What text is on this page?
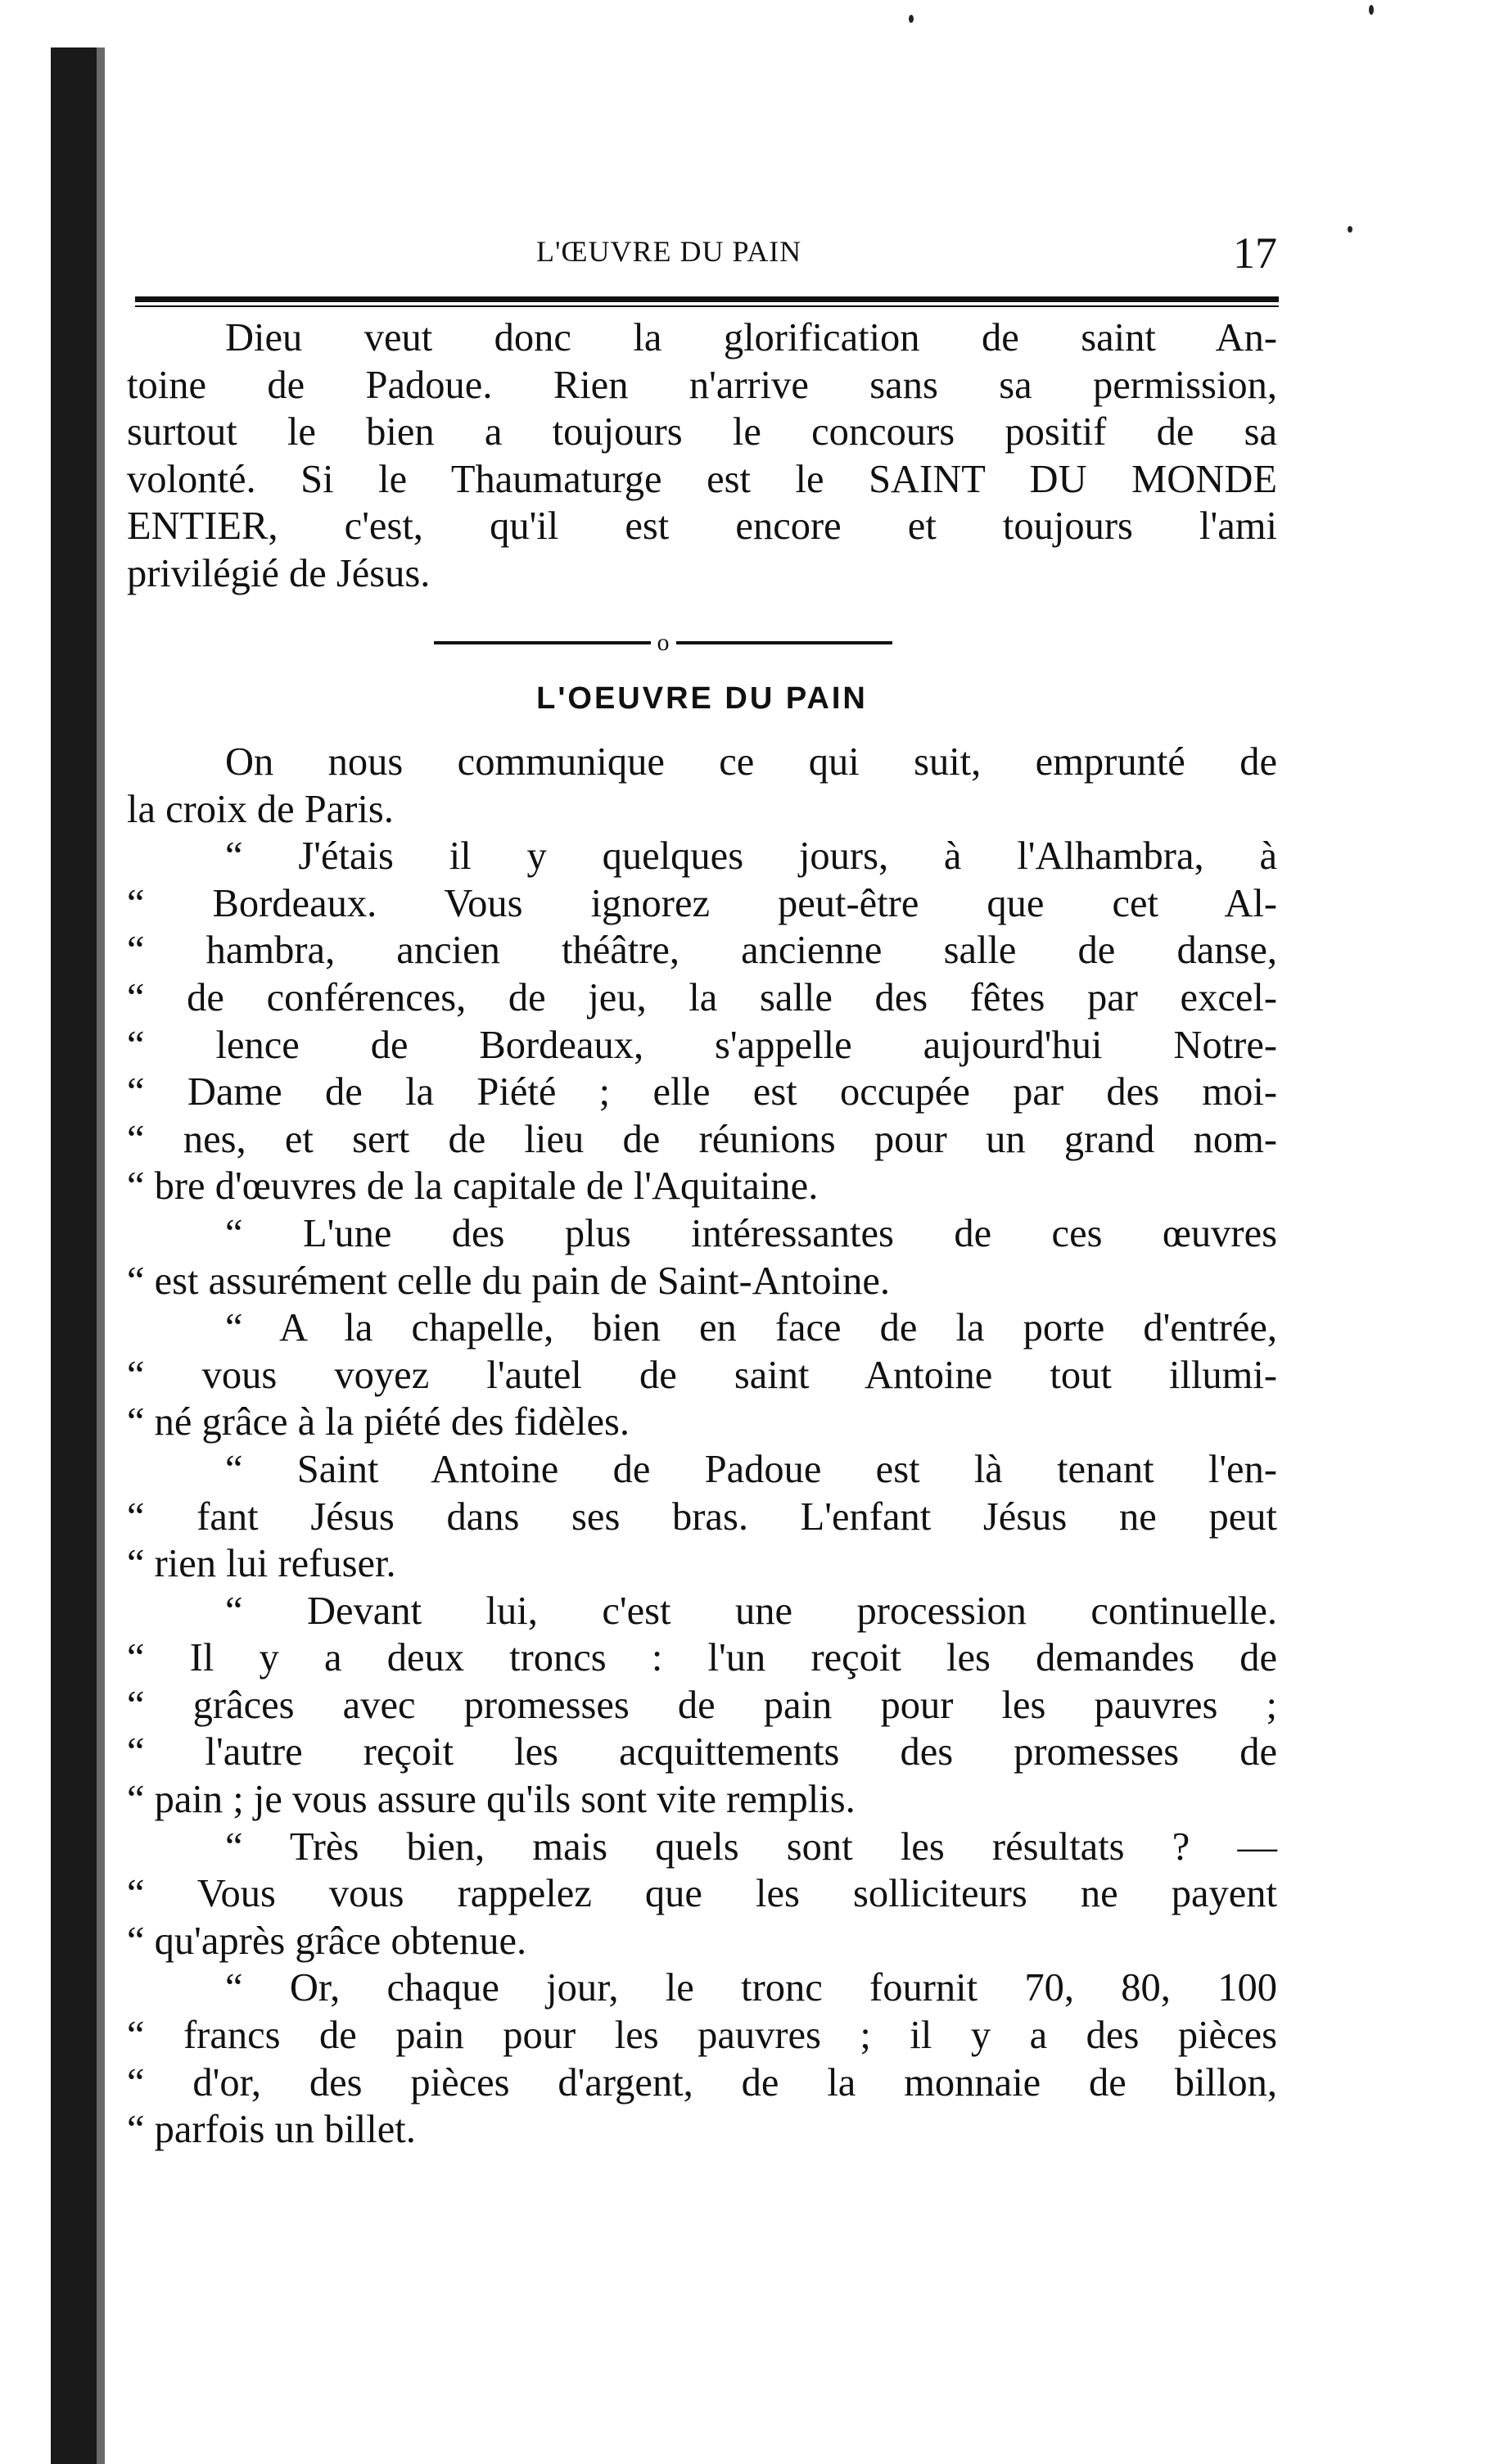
L'ŒUVRE DU PAIN	17
Dieu veut donc la glorification de saint An-
toine de Padoue. Rien n'arrive sans sa permission,
surtout le bien a toujours le concours positif de sa
volonté. Si le Thaumaturge est le SAINT DU MONDE
ENTIER, c'est, qu'il est encore et toujours l'ami
privilégié de Jésus.
o
L'OEUVRE DU PAIN
On nous communique ce qui suit, emprunté de
la croix de Paris.
“ J'étais il y quelques jours, à l'Alhambra, à
“ Bordeaux. Vous ignorez peut-être que cet Al-
“ hambra, ancien théâtre, ancienne salle de danse,
“ de conférences, de jeu, la salle des fêtes par excel-
“ lence de Bordeaux, s'appelle aujourd'hui Notre-
“ Dame de la Piété ; elle est occupée par des moi-
“ nes, et sert de lieu de réunions pour un grand nom-
“ bre d'œuvres de la capitale de l'Aquitaine.
“ L'une des plus intéressantes de ces œuvres
“ est assurément celle du pain de Saint-Antoine.
“ A la chapelle, bien en face de la porte d'entrée,
“ vous voyez l'autel de saint Antoine tout illumi-
“ né grâce à la piété des fidèles.
“ Saint Antoine de Padoue est là tenant l'en-
“ fant Jésus dans ses bras. L'enfant Jésus ne peut
“ rien lui refuser.
“ Devant lui, c'est une procession continuelle.
“ Il y a deux troncs : l'un reçoit les demandes de
“ grâces avec promesses de pain pour les pauvres ;
“ l'autre reçoit les acquittements des promesses de
“ pain ; je vous assure qu'ils sont vite remplis.
“ Très bien, mais quels sont les résultats ? —
“ Vous vous rappelez que les solliciteurs ne payent
“ qu'après grâce obtenue.
“ Or, chaque jour, le tronc fournit 70, 80, 100
“ francs de pain pour les pauvres ; il y a des pièces
“ d'or, des pièces d'argent, de la monnaie de billon,
“ parfois un billet.
